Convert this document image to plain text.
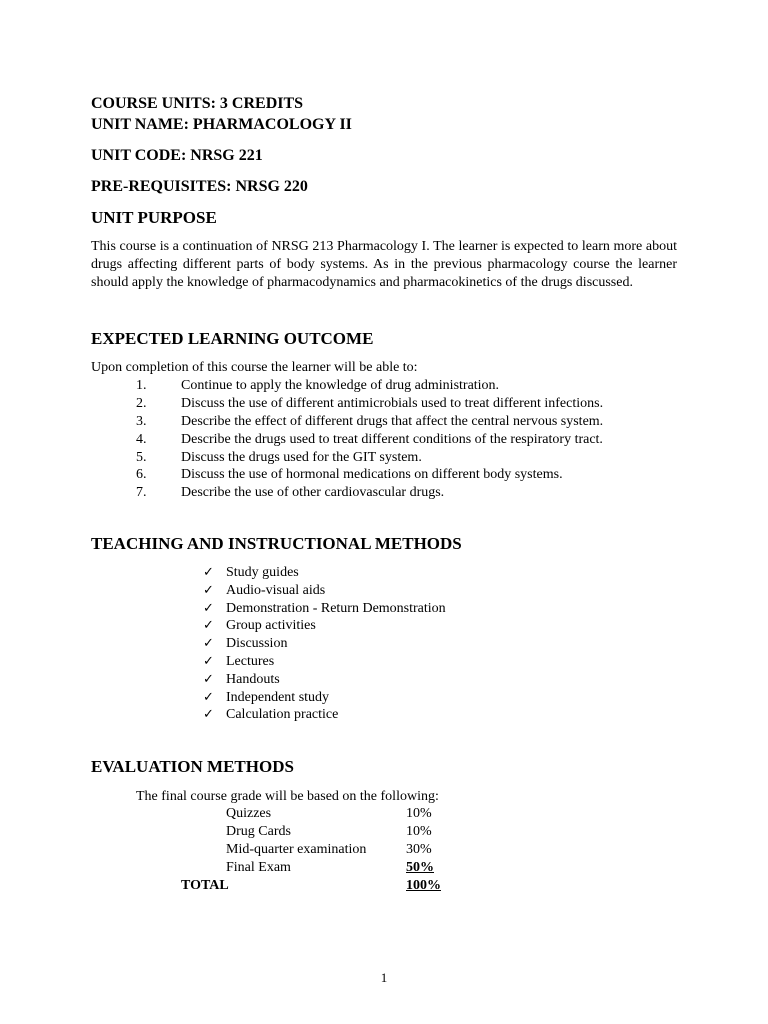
COURSE UNITS: 3 CREDITS

UNIT NAME: PHARMACOLOGY II

UNIT CODE: NRSG 221

PRE-REQUISITES: NRSG 220

UNIT PURPOSE

This course is a continuation of NRSG 213 Pharmacology I. The learner is expected to learn more about drugs affecting different parts of body systems. As in the previous pharmacology course the learner should apply the knowledge of pharmacodynamics and pharmacokinetics of the drugs discussed.

EXPECTED LEARNING OUTCOME

Upon completion of this course the learner will be able to:

1.	Continue to apply the knowledge of drug administration.
2.	Discuss the use of different antimicrobials used to treat different infections.
3.	Describe the effect of different drugs that affect the central nervous system.
4.	Describe the drugs used to treat different conditions of the respiratory tract.
5.	Discuss the drugs used for the GIT system.
6.	Discuss the use of hormonal medications on different body systems.
7.	Describe the use of other cardiovascular drugs.

TEACHING AND INSTRUCTIONAL METHODS

✓ Study guides
✓ Audio-visual aids
✓ Demonstration - Return Demonstration
✓ Group activities
✓ Discussion
✓ Lectures
✓ Handouts
✓ Independent study
✓ Calculation practice

EVALUATION METHODS

The final course grade will be based on the following:

Quizzes	10%
Drug Cards	10%
Mid-quarter examination	30%
Final Exam	50%
TOTAL	100%
1
